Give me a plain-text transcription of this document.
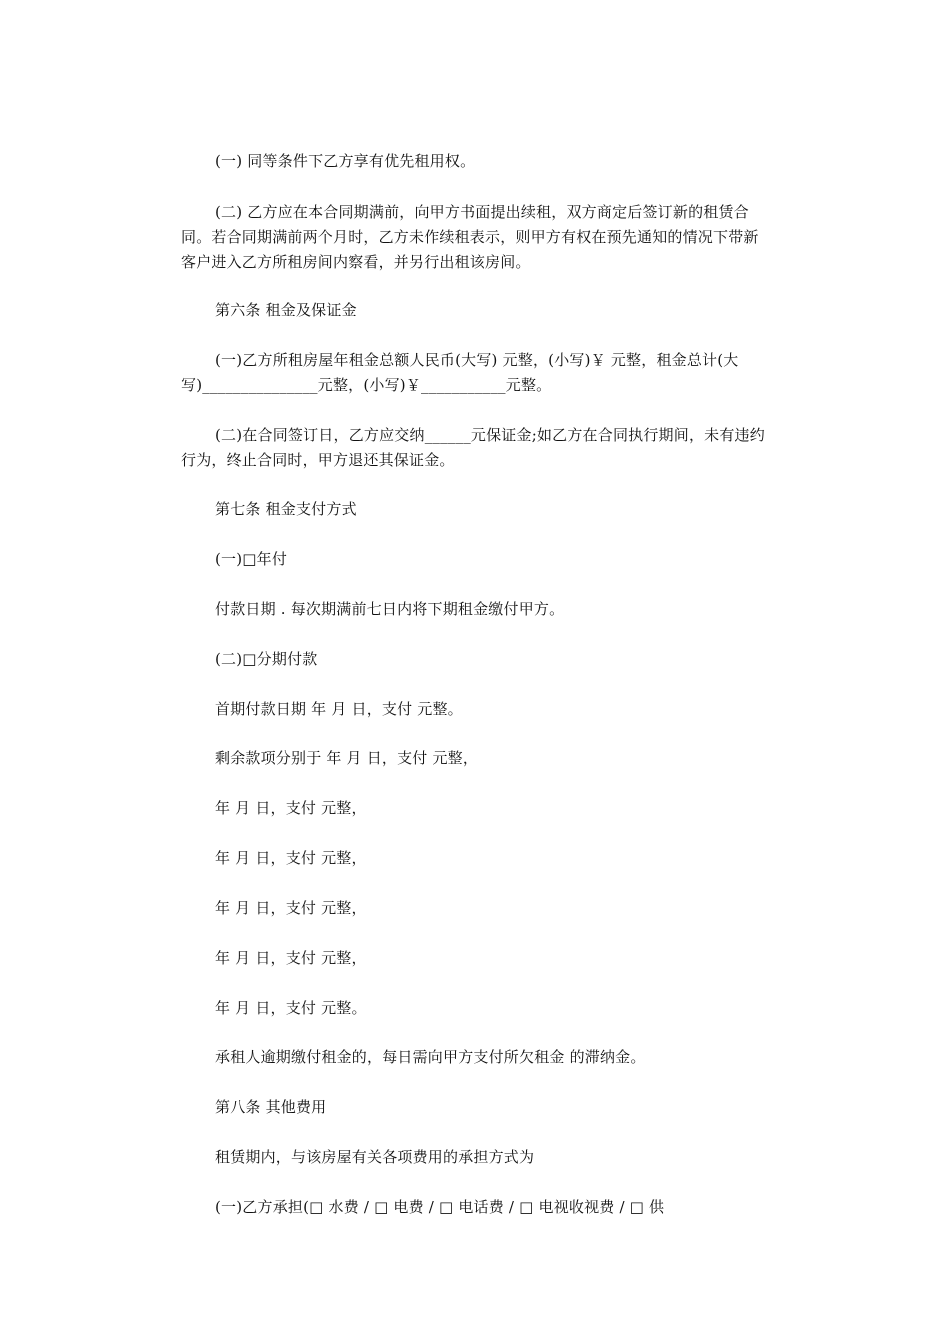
(一) 同等条件下乙方享有优先租用权。

(二) 乙方应在本合同期满前，向甲方书面提出续租，双方商定后签订新的租赁合同。若合同期满前两个月时，乙方未作续租表示，则甲方有权在预先通知的情况下带新客户进入乙方所租房间内察看，并另行出租该房间。

第六条 租金及保证金

(一)乙方所租房屋年租金总额人民币(大写) 元整，(小写)￥ 元整，租金总计(大写)_______________元整，(小写)￥___________元整。

(二)在合同签订日，乙方应交纳______元保证金;如乙方在合同执行期间，未有违约行为，终止合同时，甲方退还其保证金。

第七条 租金支付方式

(一)□年付

付款日期 . 每次期满前七日内将下期租金缴付甲方。

(二)□分期付款

首期付款日期 年 月 日，支付 元整。

剩余款项分别于 年 月 日，支付 元整，

年 月 日，支付 元整，

年 月 日，支付 元整，

年 月 日，支付 元整，

年 月 日，支付 元整，

年 月 日，支付 元整。

承租人逾期缴付租金的，每日需向甲方支付所欠租金 的滞纳金。

第八条 其他费用

租赁期内，与该房屋有关各项费用的承担方式为

(一)乙方承担(□ 水费 / □ 电费 / □ 电话费 / □ 电视收视费 / □ 供
